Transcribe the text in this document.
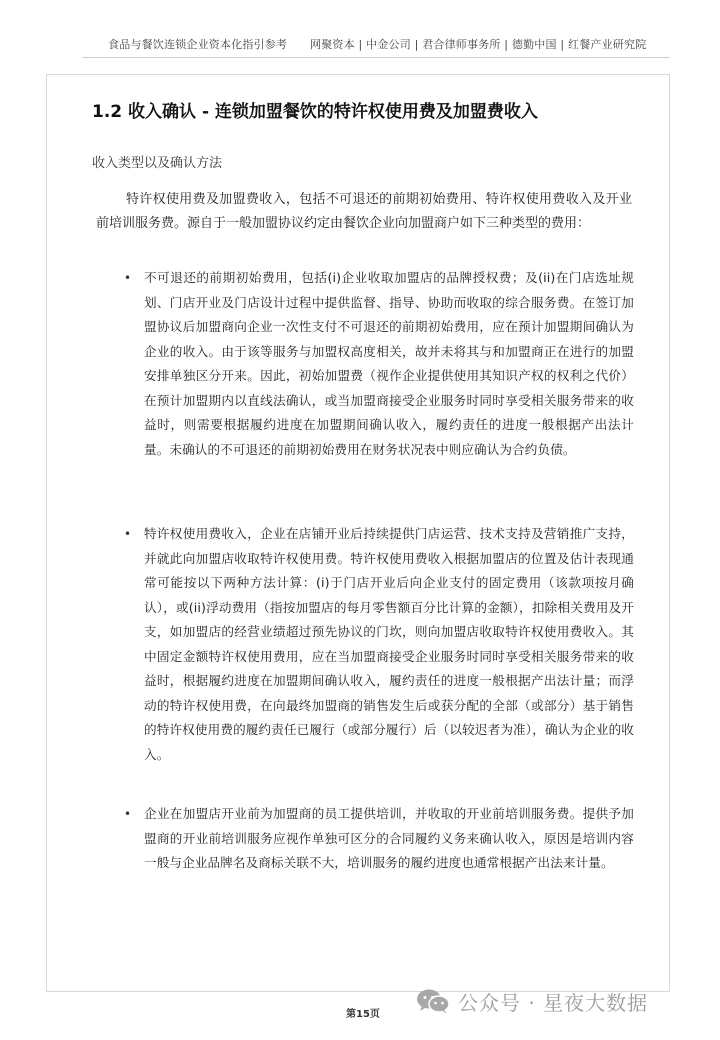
食品与餐饮连锁企业资本化指引参考 网聚资本 | 中金公司 | 君合律师事务所 | 德勤中国 | 红餐产业研究院
1.2 收入确认 - 连锁加盟餐饮的特许权使用费及加盟费收入
收入类型以及确认方法

特许权使用费及加盟费收入，包括不可退还的前期初始费用、特许权使用费收入及开业前培训服务费。源自于一般加盟协议约定由餐饮企业向加盟商户如下三种类型的费用：

• 不可退还的前期初始费用，包括(i)企业收取加盟店的品牌授权费；及(ii)在门店选址规划、门店开业及门店设计过程中提供监督、指导、协助而收取的综合服务费。在签订加盟协议后加盟商向企业一次性支付不可退还的前期初始费用，应在预计加盟期间确认为企业的收入。由于该等服务与加盟权高度相关，故并未将其与和加盟商正在进行的加盟安排单独区分开来。因此，初始加盟费（视作企业提供使用其知识产权的权利之代价）在预计加盟期内以直线法确认，或当加盟商接受企业服务时同时享受相关服务带来的收益时，则需要根据履约进度在加盟期间确认收入，履约责任的进度一般根据产出法计量。未确认的不可退还的前期初始费用在财务状况表中则应确认为合约负债。
• 特许权使用费收入，企业在店铺开业后持续提供门店运营、技术支持及营销推广支持，并就此向加盟店收取特许权使用费。特许权使用费收入根据加盟店的位置及估计表现通常可能按以下两种方法计算：(i)于门店开业后向企业支付的固定费用（该款项按月确认），或(ii)浮动费用（指按加盟店的每月零售额百分比计算的金额），扣除相关费用及开支，如加盟店的经营业绩超过预先协议的门坎，则向加盟店收取特许权使用费收入。其中固定金额特许权使用费用，应在当加盟商接受企业服务时同时享受相关服务带来的收益时，根据履约进度在加盟期间确认收入，履约责任的进度一般根据产出法计量；而浮动的特许权使用费，在向最终加盟商的销售发生后或获分配的全部（或部分）基于销售的特许权使用费的履约责任已履行（或部分履行）后（以较迟者为准），确认为企业的收入。
• 企业在加盟店开业前为加盟商的员工提供培训，并收取的开业前培训服务费。提供予加盟商的开业前培训服务应视作单独可区分的合同履约义务来确认收入，原因是培训内容一般与企业品牌名及商标关联不大，培训服务的履约进度也通常根据产出法来计量。
第15页	公众号 · 星夜大数据
